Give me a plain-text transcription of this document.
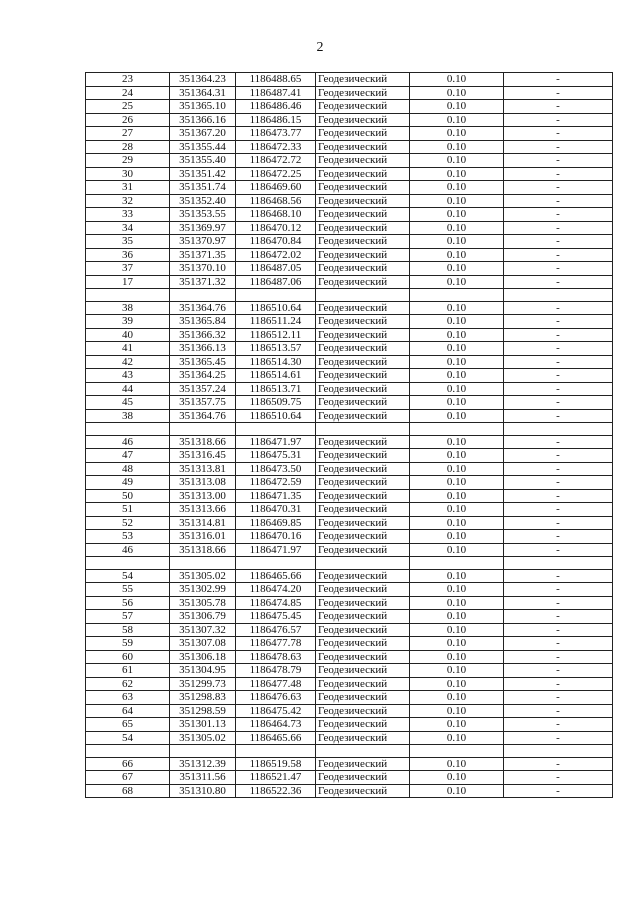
2
23	351364.23	1186488.65	Геодезический	0.10	-
24	351364.31	1186487.41	Геодезический	0.10	-
25	351365.10	1186486.46	Геодезический	0.10	-
26	351366.16	1186486.15	Геодезический	0.10	-
27	351367.20	1186473.77	Геодезический	0.10	-
28	351355.44	1186472.33	Геодезический	0.10	-
29	351355.40	1186472.72	Геодезический	0.10	-
30	351351.42	1186472.25	Геодезический	0.10	-
31	351351.74	1186469.60	Геодезический	0.10	-
32	351352.40	1186468.56	Геодезический	0.10	-
33	351353.55	1186468.10	Геодезический	0.10	-
34	351369.97	1186470.12	Геодезический	0.10	-
35	351370.97	1186470.84	Геодезический	0.10	-
36	351371.35	1186472.02	Геодезический	0.10	-
37	351370.10	1186487.05	Геодезический	0.10	-
17	351371.32	1186487.06	Геодезический	0.10	-

38	351364.76	1186510.64	Геодезический	0.10	-
39	351365.84	1186511.24	Геодезический	0.10	-
40	351366.32	1186512.11	Геодезический	0.10	-
41	351366.13	1186513.57	Геодезический	0.10	-
42	351365.45	1186514.30	Геодезический	0.10	-
43	351364.25	1186514.61	Геодезический	0.10	-
44	351357.24	1186513.71	Геодезический	0.10	-
45	351357.75	1186509.75	Геодезический	0.10	-
38	351364.76	1186510.64	Геодезический	0.10	-

46	351318.66	1186471.97	Геодезический	0.10	-
47	351316.45	1186475.31	Геодезический	0.10	-
48	351313.81	1186473.50	Геодезический	0.10	-
49	351313.08	1186472.59	Геодезический	0.10	-
50	351313.00	1186471.35	Геодезический	0.10	-
51	351313.66	1186470.31	Геодезический	0.10	-
52	351314.81	1186469.85	Геодезический	0.10	-
53	351316.01	1186470.16	Геодезический	0.10	-
46	351318.66	1186471.97	Геодезический	0.10	-

54	351305.02	1186465.66	Геодезический	0.10	-
55	351302.99	1186474.20	Геодезический	0.10	-
56	351305.78	1186474.85	Геодезический	0.10	-
57	351306.79	1186475.45	Геодезический	0.10	-
58	351307.32	1186476.57	Геодезический	0.10	-
59	351307.08	1186477.78	Геодезический	0.10	-
60	351306.18	1186478.63	Геодезический	0.10	-
61	351304.95	1186478.79	Геодезический	0.10	-
62	351299.73	1186477.48	Геодезический	0.10	-
63	351298.83	1186476.63	Геодезический	0.10	-
64	351298.59	1186475.42	Геодезический	0.10	-
65	351301.13	1186464.73	Геодезический	0.10	-
54	351305.02	1186465.66	Геодезический	0.10	-

66	351312.39	1186519.58	Геодезический	0.10	-
67	351311.56	1186521.47	Геодезический	0.10	-
68	351310.80	1186522.36	Геодезический	0.10	-
